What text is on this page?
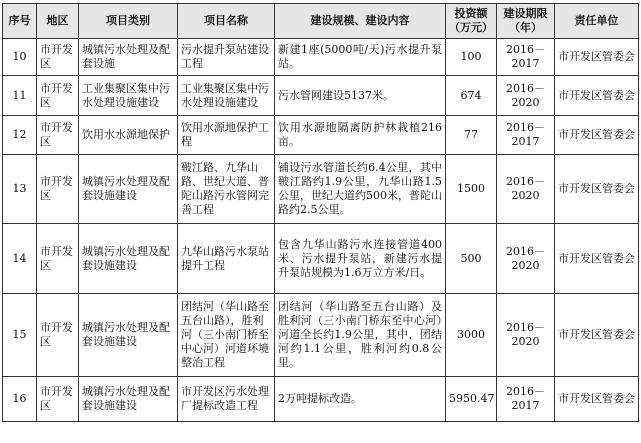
序号	地区	项目类别	项目名称	建设规模、建设内容	投资额（万元）	建设期限（年）	责任单位
10	市开发区	城镇污水处理及配套设施	污水提升泵站建设工程	新建1座(5000吨/天)污水提升泵站。	100	2016－2017	市开发区管委会
11	市开发区	工业集聚区集中污水处理设施建设	工业集聚区集中污水处理设施建设	污水管网建设5137米。	674	2016－2020	市开发区管委会
12	市开发区	饮用水水源地保护	饮用水源地保护工程	饮用水源地隔离防护林栽植216亩。	77	2016－2017	市开发区管委会
13	市开发区	城镇污水处理及配套设施建设	皲江路、九华山路、世纪大道、普陀山路污水管网完善工程	铺设污水管道长约6.4公里，其中皲江路约1.9公里，九华山路1.5公里，世纪大道约500米，普陀山路约2.5公里。	1500	2016－2020	市开发区管委会
14	市开发区	城镇污水处理及配套设施建设	九华山路污水泵站提升工程	包含九华山路污水连接管道400米、污水提升泵站，新建污水提升泵站规模为1.6万立方米/日。	500	2016－2020	市开发区管委会
15	市开发区	城镇污水处理及配套设施建设	团结河（华山路至五台山路），胜利河（三小南门桥至中心河）河道环境整治工程	团结河（华山路至五台山路）及胜利河（三小南门桥东至中心河）河道全长约1.9公里，其中，团结河约1.1公里，胜利河约0.8公里。	3000	2016－2020	市开发区管委会
16	市开发区	城镇污水处理及配套设施建设	市开发区污水处理厂提标改造工程	2万吨提标改造。	5950.47	2016－2017	市开发区管委会
